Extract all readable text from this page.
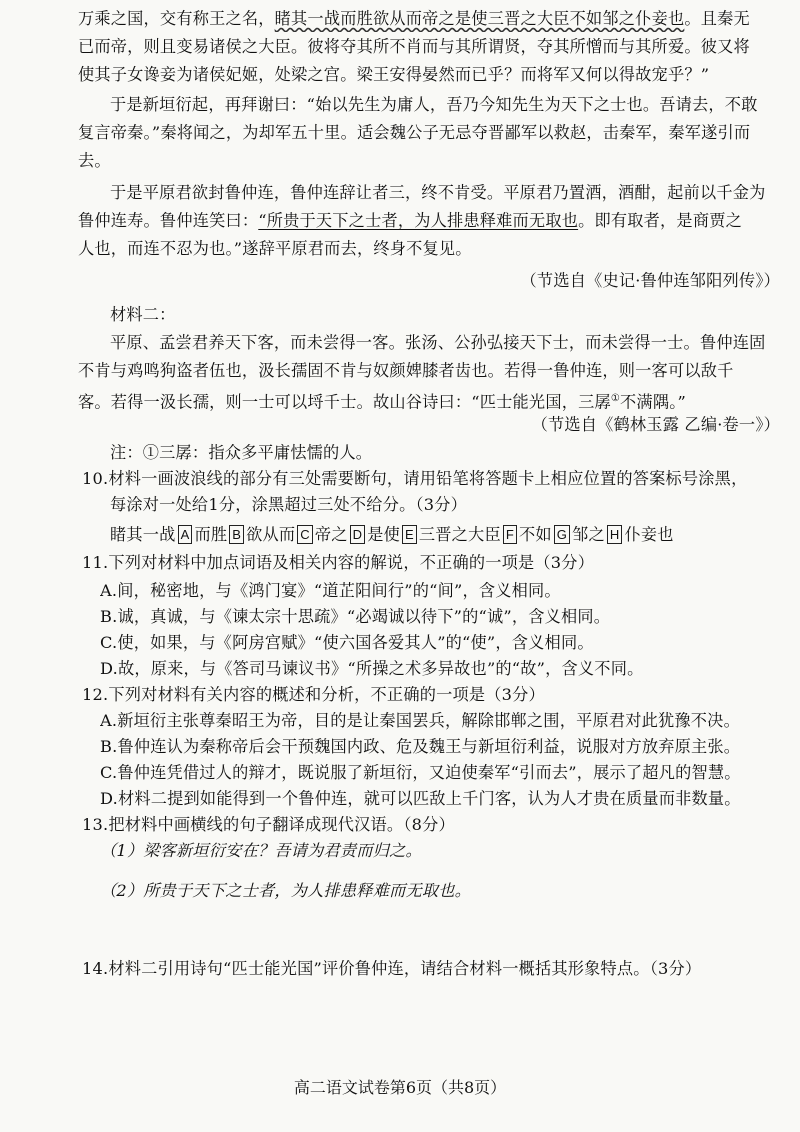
万乘之国，交有称王之名，睹其一战而胜欲从而帝之是使三晋之大臣不如邹之仆妾也。且秦无
已而帝，则且变易诸侯之大臣。彼将夺其所不肖而与其所谓贤，夺其所憎而与其所爱。彼又将
使其子女谗妾为诸侯妃姬，处梁之宫。梁王安得晏然而已乎？而将军又何以得故宠乎？”
于是新垣衍起，再拜谢曰：“始以先生为庸人，吾乃今知先生为天下之士也。吾请去，不敢
复言帝秦。”秦将闻之，为却军五十里。适会魏公子无忌夺晋鄙军以救赵，击秦军，秦军遂引而
去。
于是平原君欲封鲁仲连，鲁仲连辞让者三，终不肯受。平原君乃置酒，酒酣，起前以千金为
鲁仲连寿。鲁仲连笑曰：“所贵于天下之士者，为人排患释难而无取也。即有取者，是商贾之
人也，而连不忍为也。”遂辞平原君而去，终身不复见。
（节选自《史记·鲁仲连邹阳列传》）
材料二：
平原、孟尝君养天下客，而未尝得一客。张汤、公孙弘接天下士，而未尝得一士。鲁仲连固
不肯与鸡鸣狗盗者伍也，汲长孺固不肯与奴颜婢膝者齿也。若得一鲁仲连，则一客可以敌千
客。若得一汲长孺，则一士可以埒千士。故山谷诗曰：“匹士能光国，三孱①不满隅。”
（节选自《鹤林玉露 乙编·卷一》）
注：①三孱：指众多平庸怯懦的人。
10.材料一画波浪线的部分有三处需要断句，请用铅笔将答题卡上相应位置的答案标号涂黑，
每涂对一处给1分，涂黑超过三处不给分。（3分）
睹其一战 A 而胜 B 欲从而 C 帝之 D 是使 E 三晋之大臣 F 不如 G 邹之 H 仆妾也
11.下列对材料中加点词语及相关内容的解说，不正确的一项是（3分）
A.间，秘密地，与《鸿门宴》“道芷阳间行”的“间”，含义相同。
B.诚，真诚，与《谏太宗十思疏》“必竭诚以待下”的“诚”，含义相同。
C.使，如果，与《阿房宫赋》“使六国各爱其人”的“使”，含义相同。
D.故，原来，与《答司马谏议书》“所操之术多异故也”的“故”，含义不同。
12.下列对材料有关内容的概述和分析，不正确的一项是（3分）
A.新垣衍主张尊秦昭王为帝，目的是让秦国罢兵，解除邯郸之围，平原君对此犹豫不决。
B.鲁仲连认为秦称帝后会干预魏国内政、危及魏王与新垣衍利益，说服对方放弃原主张。
C.鲁仲连凭借过人的辩才，既说服了新垣衍，又迫使秦军“引而去”，展示了超凡的智慧。
D.材料二提到如能得到一个鲁仲连，就可以匹敌上千门客，认为人才贵在质量而非数量。
13.把材料中画横线的句子翻译成现代汉语。（8分）
（1）梁客新垣衍安在？吾请为君责而归之。
（2）所贵于天下之士者，为人排患释难而无取也。
14.材料二引用诗句“匹士能光国”评价鲁仲连，请结合材料一概括其形象特点。（3分）
高二语文试卷第6页（共8页）
